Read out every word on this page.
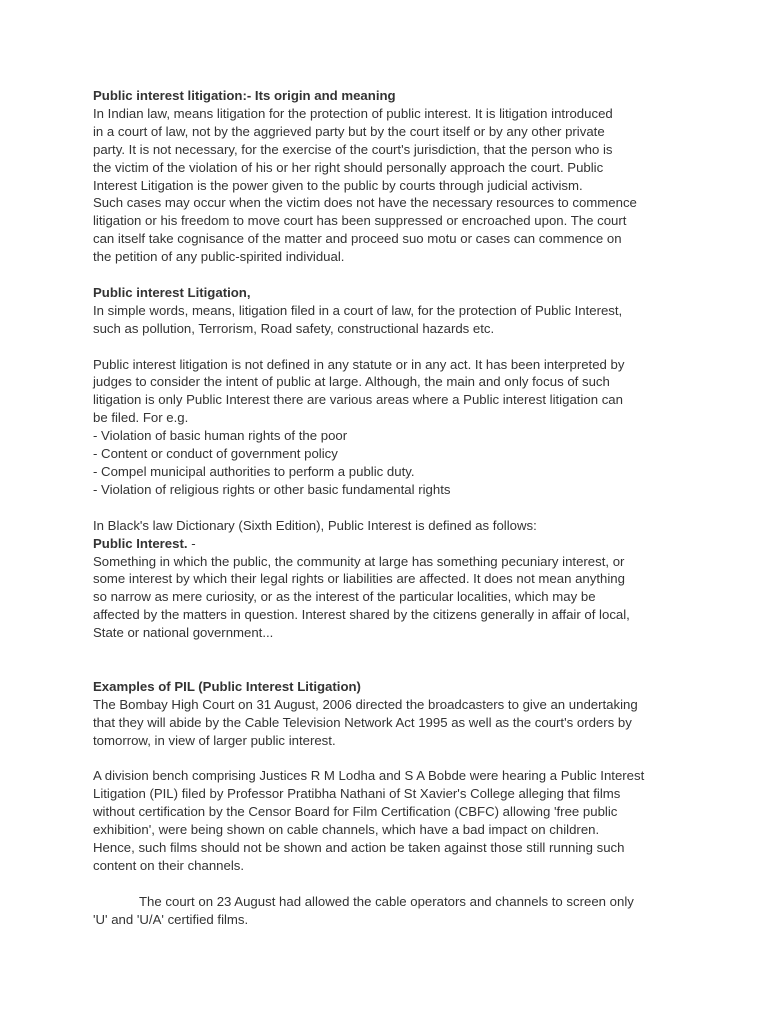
Public interest litigation:- Its origin and meaning
In Indian law, means litigation for the protection of public interest. It is litigation introduced
in a court of law, not by the aggrieved party but by the court itself or by any other private
party. It is not necessary, for the exercise of the court's jurisdiction, that the person who is
the victim of the violation of his or her right should personally approach the court. Public
Interest Litigation is the power given to the public by courts through judicial activism.
Such cases may occur when the victim does not have the necessary resources to commence
litigation or his freedom to move court has been suppressed or encroached upon. The court
can itself take cognisance of the matter and proceed suo motu or cases can commence on
the petition of any public-spirited individual.
Public interest Litigation,
In simple words, means, litigation filed in a court of law, for the protection of Public Interest,
such as pollution, Terrorism, Road safety, constructional hazards etc.
Public interest litigation is not defined in any statute or in any act. It has been interpreted by
judges to consider the intent of public at large. Although, the main and only focus of such
litigation is only Public Interest there are various areas where a Public interest litigation can
be filed. For e.g.
- Violation of basic human rights of the poor
- Content or conduct of government policy
- Compel municipal authorities to perform a public duty.
- Violation of religious rights or other basic fundamental rights
In Black's law Dictionary (Sixth Edition), Public Interest is defined as follows:
Public Interest. -
Something in which the public, the community at large has something pecuniary interest, or
some interest by which their legal rights or liabilities are affected. It does not mean anything
so narrow as mere curiosity, or as the interest of the particular localities, which may be
affected by the matters in question. Interest shared by the citizens generally in affair of local,
State or national government...
Examples of PIL (Public Interest Litigation)
The Bombay High Court on 31 August, 2006 directed the broadcasters to give an undertaking
that they will abide by the Cable Television Network Act 1995 as well as the court's orders by
tomorrow, in view of larger public interest.
A division bench comprising Justices R M Lodha and S A Bobde were hearing a Public Interest
Litigation (PIL) filed by Professor Pratibha Nathani of St Xavier's College alleging that films
without certification by the Censor Board for Film Certification (CBFC) allowing 'free public
exhibition', were being shown on cable channels, which have a bad impact on children.
Hence, such films should not be shown and action be taken against those still running such
content on their channels.
The court on 23 August had allowed the cable operators and channels to screen only
'U' and 'U/A' certified films.
